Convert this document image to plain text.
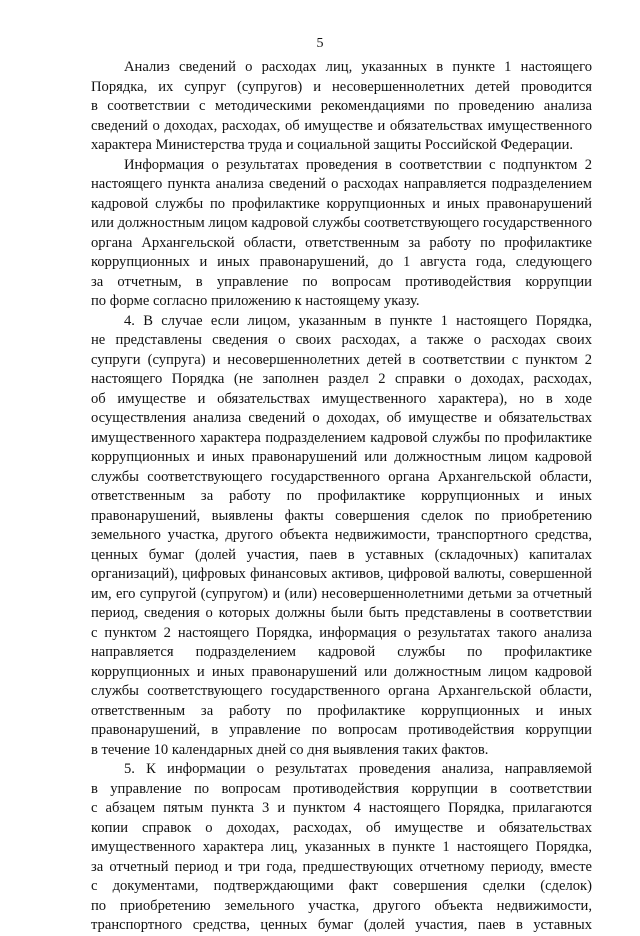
5
Анализ сведений о расходах лиц, указанных в пункте 1 настоящего
Порядка, их супруг (супругов) и несовершеннолетних детей проводится
в соответствии с методическими рекомендациями по проведению анализа
сведений о доходах, расходах, об имуществе и обязательствах имущественного
характера Министерства труда и социальной защиты Российской Федерации.
Информация о результатах проведения в соответствии с подпунктом 2
настоящего пункта анализа сведений о расходах направляется подразделением
кадровой службы по профилактике коррупционных и иных правонарушений
или должностным лицом кадровой службы соответствующего государственного
органа Архангельской области, ответственным за работу по профилактике
коррупционных и иных правонарушений, до 1 августа года, следующего
за отчетным, в управление по вопросам противодействия коррупции
по форме согласно приложению к настоящему указу.
4. В случае если лицом, указанным в пункте 1 настоящего Порядка,
не представлены сведения о своих расходах, а также о расходах своих
супруги (супруга) и несовершеннолетних детей в соответствии с пунктом 2
настоящего Порядка (не заполнен раздел 2 справки о доходах, расходах,
об имуществе и обязательствах имущественного характера), но в ходе
осуществления анализа сведений о доходах, об имуществе и обязательствах
имущественного характера подразделением кадровой службы по профилактике
коррупционных и иных правонарушений или должностным лицом кадровой
службы соответствующего государственного органа Архангельской области,
ответственным за работу по профилактике коррупционных и иных
правонарушений, выявлены факты совершения сделок по приобретению
земельного участка, другого объекта недвижимости, транспортного средства,
ценных бумаг (долей участия, паев в уставных (складочных) капиталах
организаций), цифровых финансовых активов, цифровой валюты, совершенной
им, его супругой (супругом) и (или) несовершеннолетними детьми за отчетный
период, сведения о которых должны были быть представлены в соответствии
с пунктом 2 настоящего Порядка, информация о результатах такого анализа
направляется подразделением кадровой службы по профилактике
коррупционных и иных правонарушений или должностным лицом кадровой
службы соответствующего государственного органа Архангельской области,
ответственным за работу по профилактике коррупционных и иных
правонарушений, в управление по вопросам противодействия коррупции
в течение 10 календарных дней со дня выявления таких фактов.
5. К информации о результатах проведения анализа, направляемой
в управление по вопросам противодействия коррупции в соответствии
с абзацем пятым пункта 3 и пунктом 4 настоящего Порядка, прилагаются
копии справок о доходах, расходах, об имуществе и обязательствах
имущественного характера лиц, указанных в пункте 1 настоящего Порядка,
за отчетный период и три года, предшествующих отчетному периоду, вместе
с документами, подтверждающими факт совершения сделки (сделок)
по приобретению земельного участка, другого объекта недвижимости,
транспортного средства, ценных бумаг (долей участия, паев в уставных
